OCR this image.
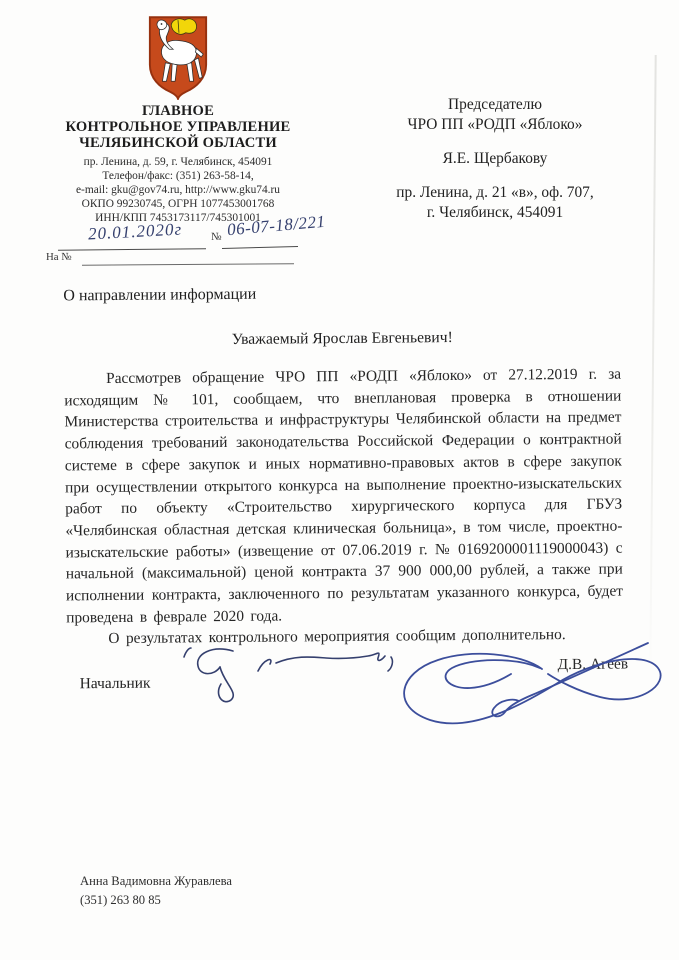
ГЛАВНОЕ
КОНТРОЛЬНОЕ УПРАВЛЕНИЕ
ЧЕЛЯБИНСКОЙ ОБЛАСТИ
пр. Ленина, д. 59, г. Челябинск, 454091
Телефон/факс: (351) 263-58-14,
e-mail: gku@gov74.ru, http://www.gku74.ru
ОКПО 99230745, ОГРН 1077453001768
ИНН/КПП 7453173117/745301001
20.01.2020г	№ 06-07-18/221
На №
Председателю
ЧРО ПП «РОДП «Яблоко»
Я.Е. Щербакову
пр. Ленина, д. 21 «в», оф. 707,
г. Челябинск, 454091
О направлении информации
Уважаемый Ярослав Евгеньевич!

Рассмотрев обращение ЧРО ПП «РОДП «Яблоко» от 27.12.2019 г. за исходящим № 101, сообщаем, что внеплановая проверка в отношении Министерства строительства и инфраструктуры Челябинской области на предмет соблюдения требований законодательства Российской Федерации о контрактной системе в сфере закупок и иных нормативно-правовых актов в сфере закупок при осуществлении открытого конкурса на выполнение проектно-изыскательских работ по объекту «Строительство хирургического корпуса для ГБУЗ «Челябинская областная детская клиническая больница», в том числе, проектно-изыскательские работы» (извещение от 07.06.2019 г. № 0169200001119000043) с начальной (максимальной) ценой контракта 37 900 000,00 рублей, а также при исполнении контракта, заключенного по результатам указанного конкурса, будет проведена в феврале 2020 года.

О результатах контрольного мероприятия сообщим дополнительно.

Начальник
Д.В. Агеев
Анна Вадимовна Журавлева
(351) 263 80 85
